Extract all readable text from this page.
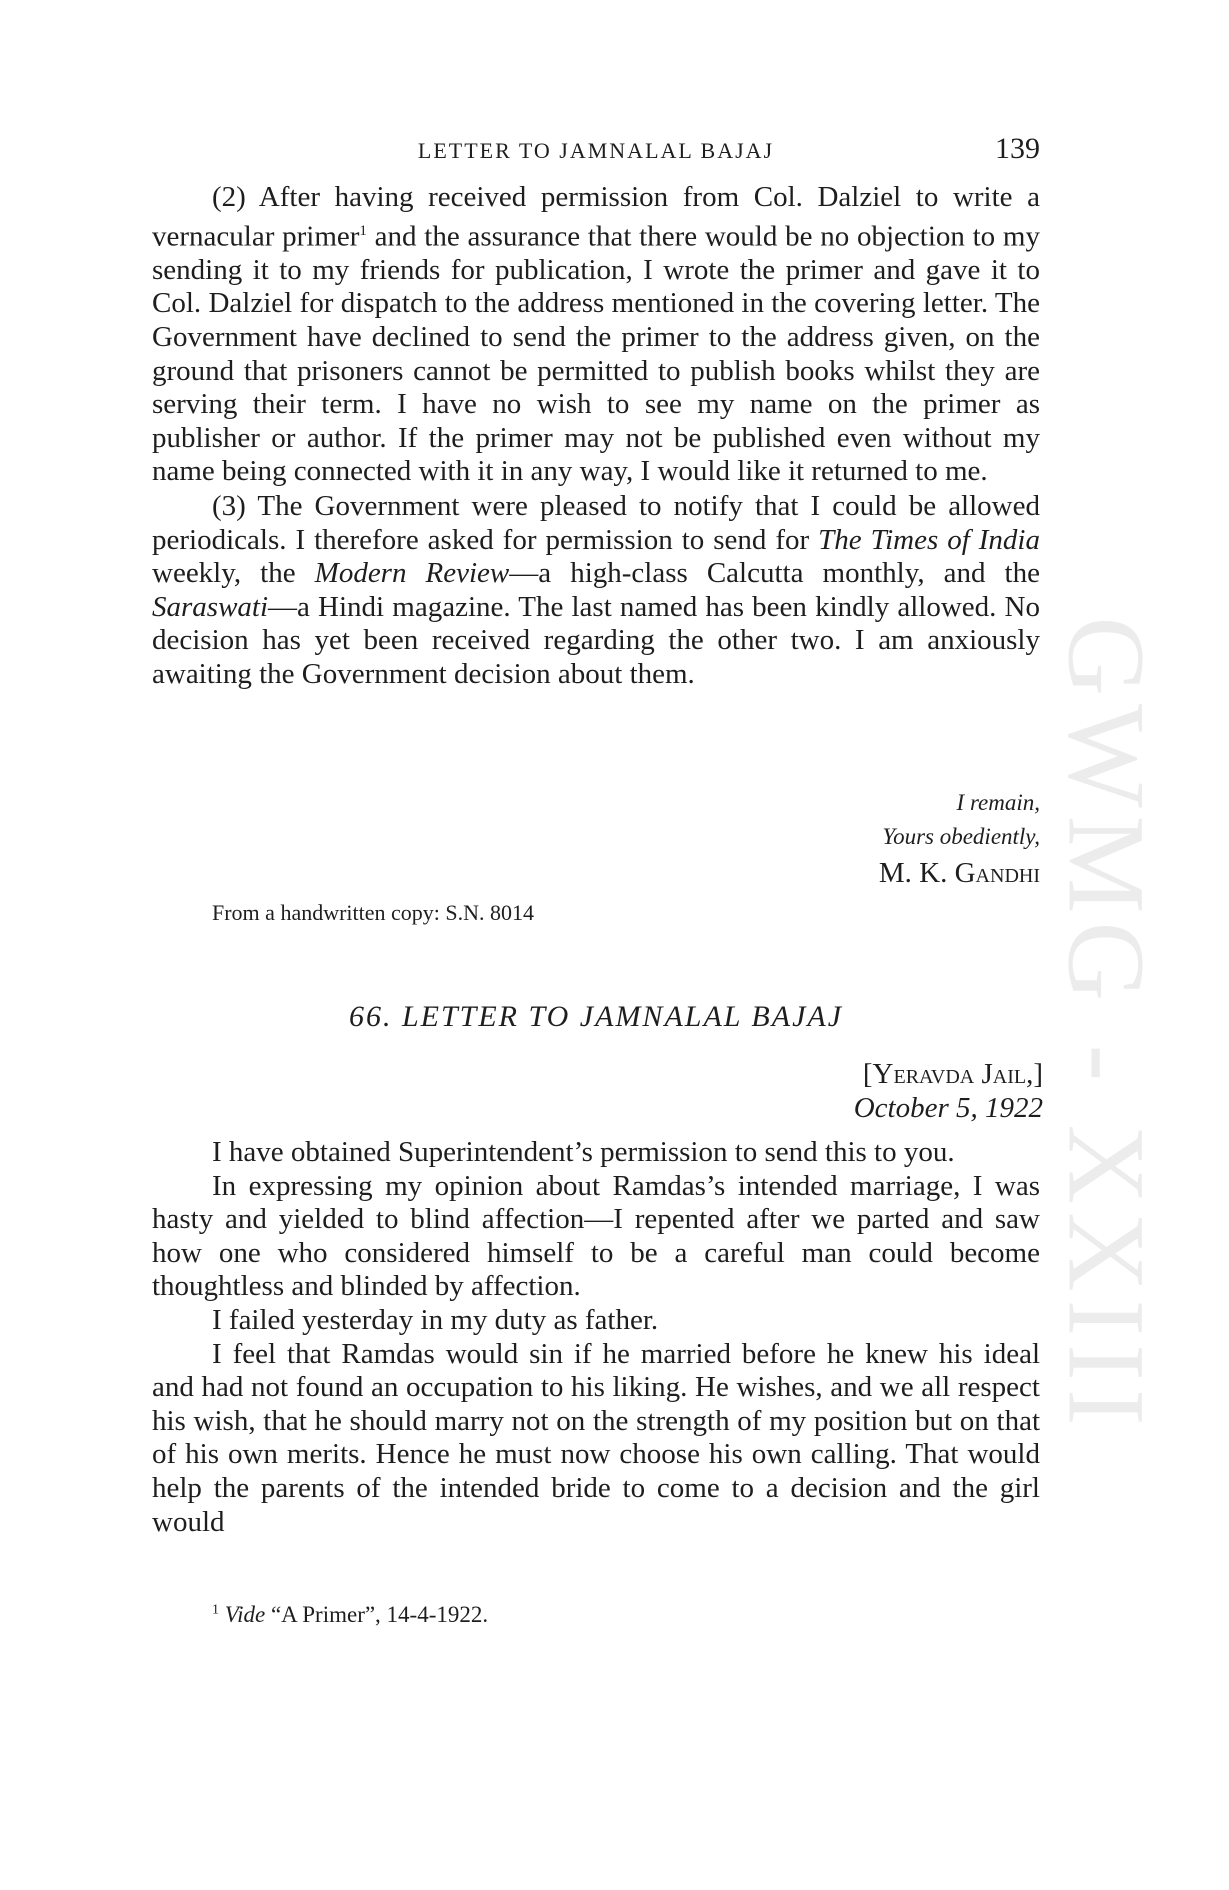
GWMG - XXIII
LETTER TO JAMNALAL BAJAJ	139

(2) After having received permission from Col. Dalziel to write a vernacular primer$^1$ and the assurance that there would be no objection to my sending it to my friends for publication, I wrote the primer and gave it to Col. Dalziel for dispatch to the address mentioned in the covering letter. The Government have declined to send the primer to the address given, on the ground that prisoners cannot be permitted to publish books whilst they are serving their term. I have no wish to see my name on the primer as publisher or author. If the primer may not be published even without my name being connected with it in any way, I would like it returned to me.

(3) The Government were pleased to notify that I could be allowed periodicals. I therefore asked for permission to send for The Times of India weekly, the Modern Review—a high-class Calcutta monthly, and the Saraswati—a Hindi magazine. The last named has been kindly allowed. No decision has yet been received regarding the other two. I am anxiously awaiting the Government decision about them.

I remain,
Yours obediently,
M. K. Gandhi
From a handwritten copy: S.N. 8014
66. LETTER TO JAMNALAL BAJAJ
[Yeravda Jail,]
October 5, 1922

I have obtained Superintendent’s permission to send this to you.

In expressing my opinion about Ramdas’s intended marriage, I was hasty and yielded to blind affection—I repented after we parted and saw how one who considered himself to be a careful man could become thoughtless and blinded by affection.

I failed yesterday in my duty as father.

I feel that Ramdas would sin if he married before he knew his ideal and had not found an occupation to his liking. He wishes, and we all respect his wish, that he should marry not on the strength of my position but on that of his own merits. Hence he must now choose his own calling. That would help the parents of the intended bride to come to a decision and the girl would

$^1$ Vide “A Primer”, 14-4-1922.
